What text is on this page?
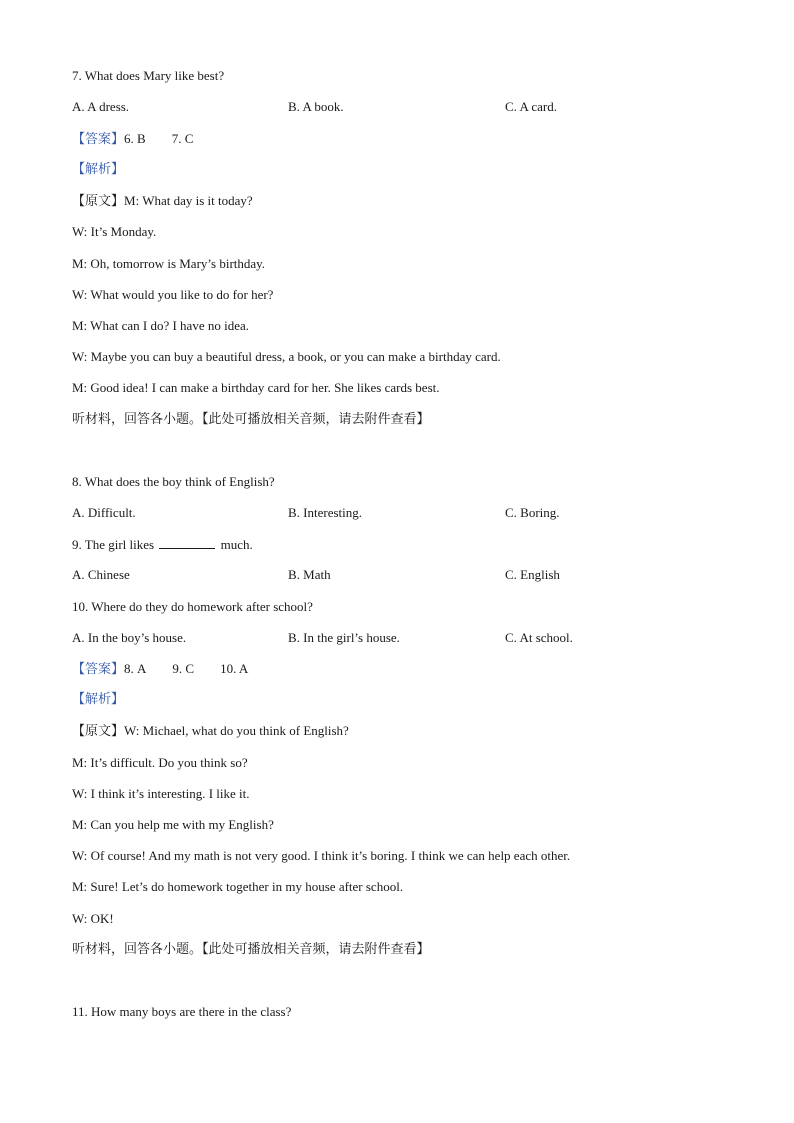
7. What does Mary like best?
A. A dress.	B. A book.	C. A card.
【答案】6. B 7. C
【解析】
【原文】M: What day is it today?
W: It’s Monday.
M: Oh, tomorrow is Mary’s birthday.
W: What would you like to do for her?
M: What can I do? I have no idea.
W: Maybe you can buy a beautiful dress, a book, or you can make a birthday card.
M: Good idea! I can make a birthday card for her. She likes cards best.
听材料，回答各小题。【此处可播放相关音频，请去附件查看】
8. What does the boy think of English?
A. Difficult.	B. Interesting.	C. Boring.
9. The girl likes	much.
A. Chinese	B. Math	C. English
10. Where do they do homework after school?
A. In the boy’s house.	B. In the girl’s house.	C. At school.
【答案】8. A 9. C 10. A
【解析】
【原文】W: Michael, what do you think of English?
M: It’s difficult. Do you think so?
W: I think it’s interesting. I like it.
M: Can you help me with my English?
W: Of course! And my math is not very good. I think it’s boring. I think we can help each other.
M: Sure! Let’s do homework together in my house after school.
W: OK!
听材料，回答各小题。【此处可播放相关音频，请去附件查看】
11. How many boys are there in the class?
